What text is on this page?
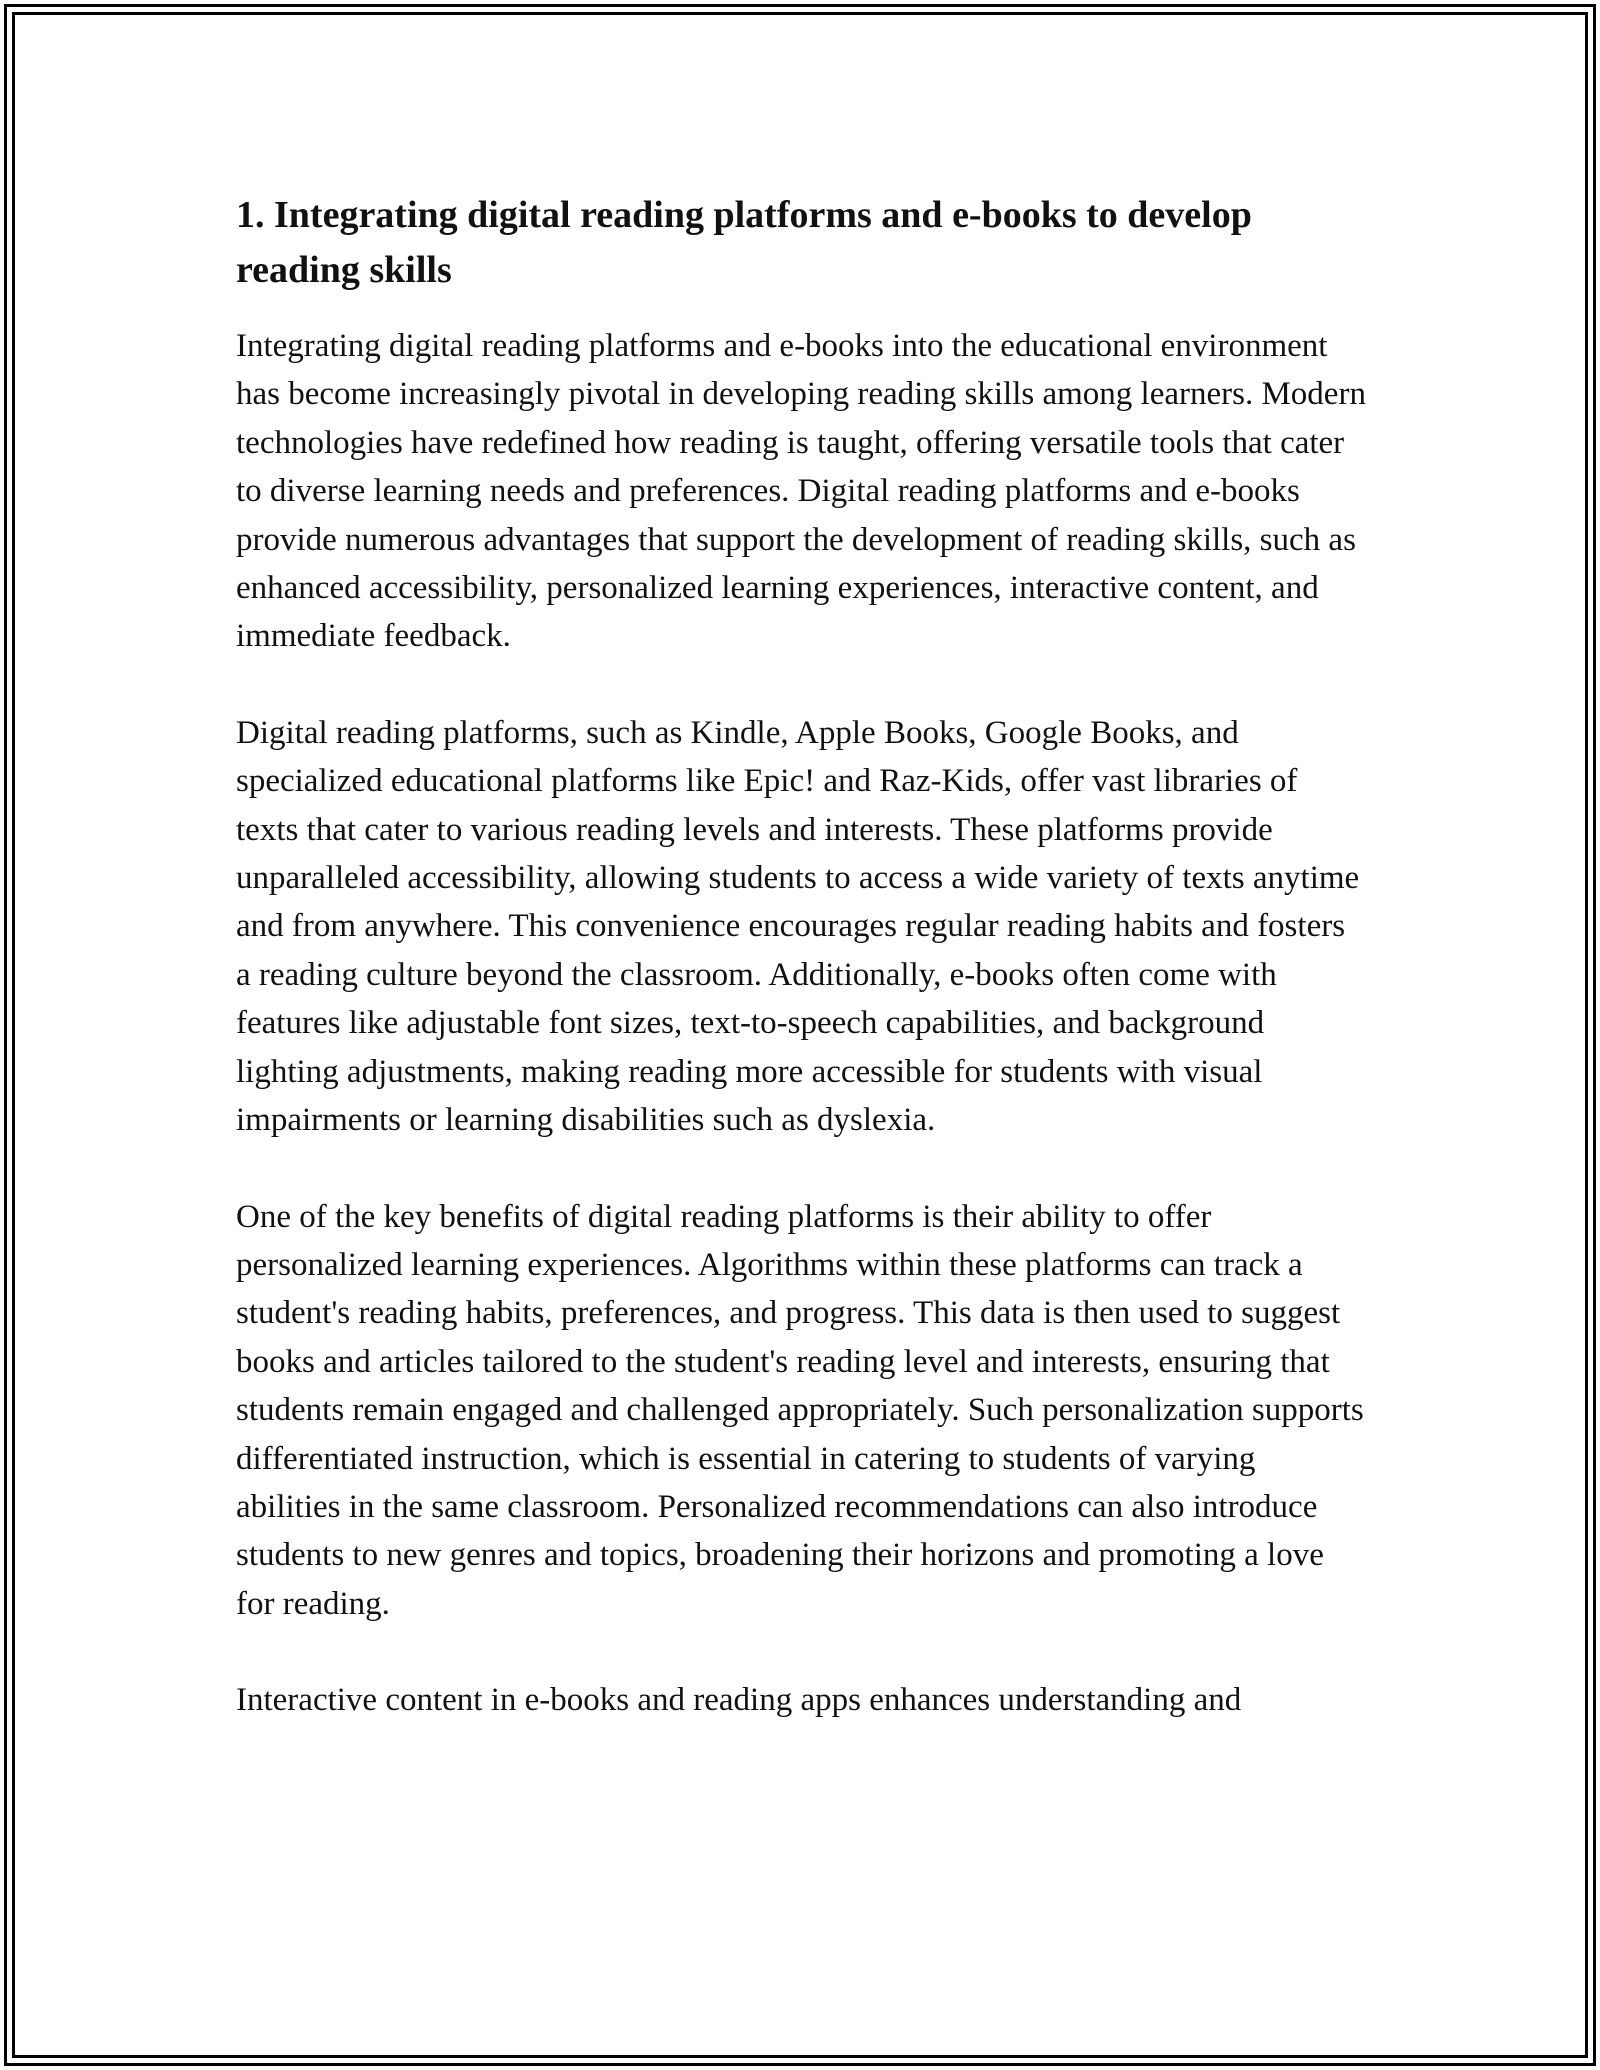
1. Integrating digital reading platforms and e-books to develop reading skills

Integrating digital reading platforms and e-books into the educational environment has become increasingly pivotal in developing reading skills among learners. Modern technologies have redefined how reading is taught, offering versatile tools that cater to diverse learning needs and preferences. Digital reading platforms and e-books provide numerous advantages that support the development of reading skills, such as enhanced accessibility, personalized learning experiences, interactive content, and immediate feedback.

Digital reading platforms, such as Kindle, Apple Books, Google Books, and specialized educational platforms like Epic! and Raz-Kids, offer vast libraries of texts that cater to various reading levels and interests. These platforms provide unparalleled accessibility, allowing students to access a wide variety of texts anytime and from anywhere. This convenience encourages regular reading habits and fosters a reading culture beyond the classroom. Additionally, e-books often come with features like adjustable font sizes, text-to-speech capabilities, and background lighting adjustments, making reading more accessible for students with visual impairments or learning disabilities such as dyslexia.

One of the key benefits of digital reading platforms is their ability to offer personalized learning experiences. Algorithms within these platforms can track a student's reading habits, preferences, and progress. This data is then used to suggest books and articles tailored to the student's reading level and interests, ensuring that students remain engaged and challenged appropriately. Such personalization supports differentiated instruction, which is essential in catering to students of varying abilities in the same classroom. Personalized recommendations can also introduce students to new genres and topics, broadening their horizons and promoting a love for reading.

Interactive content in e-books and reading apps enhances understanding and
